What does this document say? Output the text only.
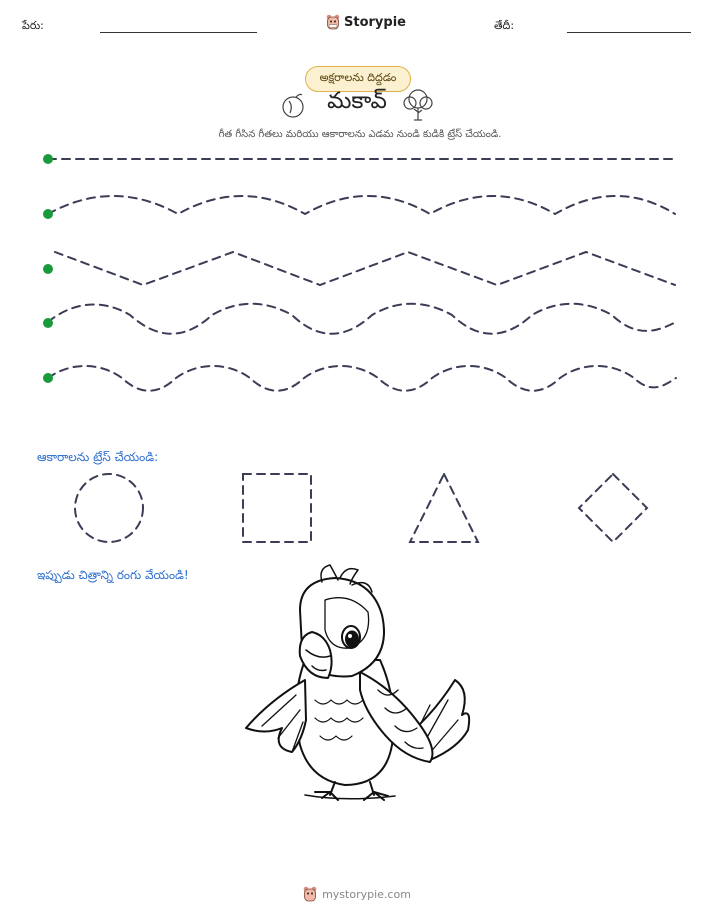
పేరు:	Storypie	తేదీ:
అక్షరాలను దిద్దడం
మకావ్
గీత గీసిన గీతలు మరియు ఆకారాలను ఎడమ నుండి కుడికి ట్రేస్ చేయండి.
ఆకారాలను ట్రేస్ చేయండి:
ఇప్పుడు చిత్రాన్ని రంగు వేయండి!
mystorypie.com
